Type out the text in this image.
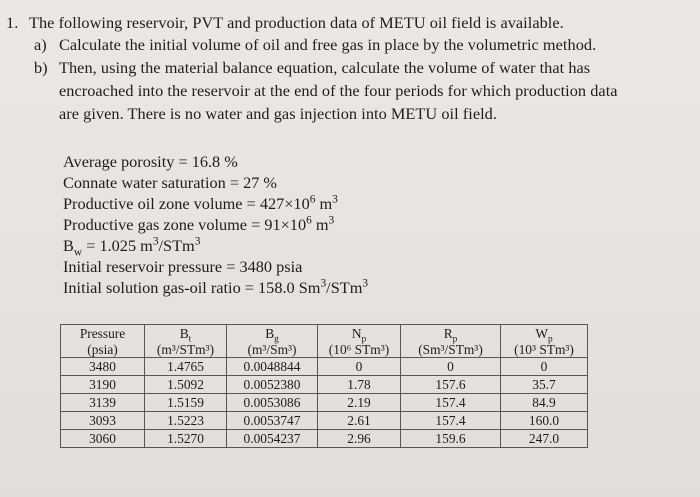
1. The following reservoir, PVT and production data of METU oil field is available.
a) Calculate the initial volume of oil and free gas in place by the volumetric method.
b) Then, using the material balance equation, calculate the volume of water that has
encroached into the reservoir at the end of the four periods for which production data
are given. There is no water and gas injection into METU oil field.
Average porosity = 16.8 %
Connate water saturation = 27 %
Productive oil zone volume = $427\times 10^6$ $m^3$
Productive gas zone volume = $91\times 10^6$ $m^3$
$B_w = 1.025$ $m^3/STm^3$
Initial reservoir pressure = 3480 psia
Initial solution gas-oil ratio = 158.0 Sm$^3$/STm$^3$
Pressure	$B_t$	$B_g$	$N_p$	$R_p$	$W_p$
(psia)	(m³/STm³)	(m³/Sm³)	(10⁶ STm³)	(Sm³/STm³)	(10³ STm³)
3480	1.4765	0.0048844	0	0	0
3190	1.5092	0.0052380	1.78	157.6	35.7
3139	1.5159	0.0053086	2.19	157.4	84.9
3093	1.5223	0.0053747	2.61	157.4	160.0
3060	1.5270	0.0054237	2.96	159.6	247.0
